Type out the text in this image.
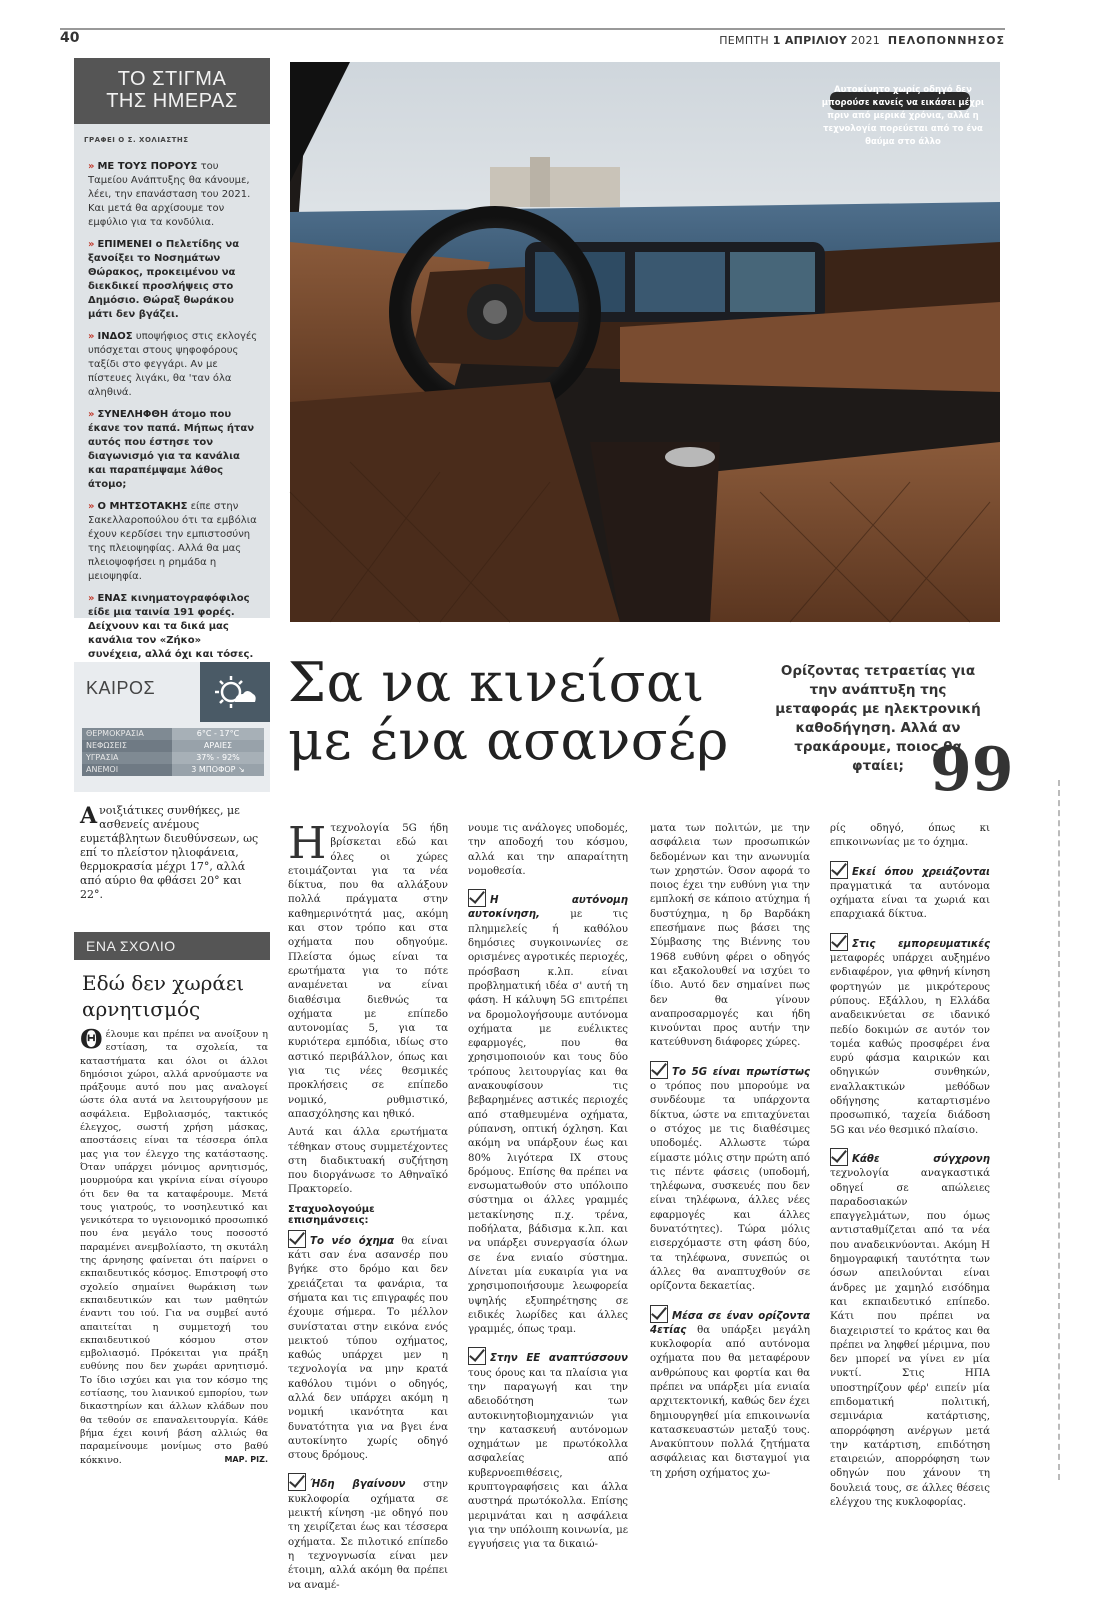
40	ΠΕΜΠΤΗ 1 ΑΠΡΙΛΙΟΥ 2021 ΠΕΛΟΠΟΝΝΗΣΟΣ
ΤΟ ΣΤΙΓΜΑ
ΤΗΣ ΗΜΕΡΑΣ
ΓΡΑΦΕΙ Ο Σ. ΧΟΛΙΑΣΤΗΣ
» ΜΕ ΤΟΥΣ ΠΟΡΟΥΣ του Ταμείου Ανάπτυξης θα κάνουμε, λέει, την επανάσταση του 2021. Και μετά θα αρχίσουμε τον εμφύλιο για τα κονδύλια.
» ΕΠΙΜΕΝΕΙ ο Πελετίδης να ξανοίξει το Νοσημάτων Θώρακος, προκειμένου να διεκδικεί προσλήψεις στο Δημόσιο. Θώραξ θωράκου μάτι δεν βγάζει.
» ΙΝΔΟΣ υποψήφιος στις εκλογές υπόσχεται στους ψηφοφόρους ταξίδι στο φεγγάρι. Αν με πίστευες λιγάκι, θα 'ταν όλα αληθινά.
» ΣΥΝΕΛΗΦΘΗ άτομο που έκανε τον παπά. Μήπως ήταν αυτός που έστησε τον διαγωνισμό για τα κανάλια και παραπέμψαμε λάθος άτομο;
» Ο ΜΗΤΣΟΤΑΚΗΣ είπε στην Σακελλαροπούλου ότι τα εμβόλια έχουν κερδίσει την εμπιστοσύνη της πλειοψηφίας. Αλλά θα μας πλειοψοφήσει η ρημάδα η μειοψηφία.
» ΕΝΑΣ κινηματογραφόφιλος είδε μια ταινία 191 φορές. Δείχνουν και τα δικά μας κανάλια τον «Ζήκο» συνέχεια, αλλά όχι και τόσες.
ΚΑΙΡΟΣ
ΘΕΡΜΟΚΡΑΣΙΑ	6°C - 17°C
ΝΕΦΩΣΕΙΣ	ΑΡΑΙΕΣ
ΥΓΡΑΣΙΑ	37% - 92%
ΑΝΕΜΟΙ	3 ΜΠΟΦΟΡ ↘
Ανοιξιάτικες συνθήκες, με ασθενείς ανέμους ευμετάβλητων διευθύνσεων, ως επί το πλείστον ηλιοφάνεια, θερμοκρασία μέχρι 17°, αλλά από αύριο θα φθάσει 20° και 22°.
ΕΝΑ ΣΧΟΛΙΟ
Εδώ δεν χωράει αρνητισμός
Θέλουμε και πρέπει να ανοίξουν η εστίαση, τα σχολεία, τα καταστήματα και όλοι οι άλλοι δημόσιοι χώροι, αλλά αρνούμαστε να πράξουμε αυτό που μας αναλογεί ώστε όλα αυτά να λειτουργήσουν με ασφάλεια. Εμβολιασμός, τακτικός έλεγχος, σωστή χρήση μάσκας, αποστάσεις είναι τα τέσσερα όπλα μας για τον έλεγχο της κατάστασης. Όταν υπάρχει μόνιμος αρνητισμός, μουρμούρα και γκρίνια είναι σίγουρο ότι δεν θα τα καταφέρουμε. Μετά τους γιατρούς, το νοσηλευτικό και γενικότερα το υγειονομικό προσωπικό που ένα μεγάλο τους ποσοστό παραμένει ανεμβολίαστο, τη σκυτάλη της άρνησης φαίνεται ότι παίρνει ο εκπαιδευτικός κόσμος. Επιστροφή στο σχολείο σημαίνει θωράκιση των εκπαιδευτικών και των μαθητών έναντι του ιού. Για να συμβεί αυτό απαιτείται η συμμετοχή του εκπαιδευτικού κόσμου στον εμβολιασμό. Πρόκειται για πράξη ευθύνης που δεν χωράει αρνητισμό. Το ίδιο ισχύει και για τον κόσμο της εστίασης, του λιανικού εμπορίου, των δικαστηρίων και άλλων κλάδων που θα τεθούν σε επαναλειτουργία. Κάθε βήμα έχει κοινή βάση αλλιώς θα παραμείνουμε μονίμως στο βαθύ κόκκινο.	ΜΑΡ. ΡΙΖ.
Αυτοκίνητο χωρίς οδηγό δεν μπορούσε κανείς να εικάσει μέχρι πριν από μερικά χρόνια, αλλά η τεχνολογία πορεύεται από το ένα θαύμα στο άλλο
Σα να κινείσαι
με ένα ασανσέρ
Ορίζοντας τετραετίας για την ανάπτυξη της μεταφοράς με ηλεκτρονική καθοδήγηση. Αλλά αν τρακάρουμε, ποιος θα φταίει; 99

Ητεχνολογία 5G ήδη βρίσκεται εδώ και όλες οι χώρες ετοιμάζονται για τα νέα δίκτυα, που θα αλλάξουν πολλά πράγματα στην καθημερινότητά μας, ακόμη και στον τρόπο και στα οχήματα που οδηγούμε. Πλείστα όμως είναι τα ερωτήματα για το πότε αναμένεται να είναι διαθέσιμα διεθνώς τα οχήματα με επίπεδο αυτονομίας 5, για τα κυριότερα εμπόδια, ιδίως στο αστικό περιβάλλον, όπως και για τις νέες θεσμικές προκλήσεις σε επίπεδο νομικό, ρυθμιστικό, απασχόλησης και ηθικό.

Αυτά και άλλα ερωτήματα τέθηκαν στους συμμετέχοντες στη διαδικτυακή συζήτηση που διοργάνωσε το Αθηναϊκό Πρακτορείο.

Σταχυολογούμε επισημάνσεις:

Το νέο όχημα θα είναι κάτι σαν ένα ασανσέρ που βγήκε στο δρόμο και δεν χρειάζεται τα φανάρια, τα σήματα και τις επιγραφές που έχουμε σήμερα. Το μέλλον συνίσταται στην εικόνα ενός μεικτού τύπου οχήματος, καθώς υπάρχει μεν η τεχνολογία να μην κρατά καθόλου τιμόνι ο οδηγός, αλλά δεν υπάρχει ακόμη η νομική ικανότητα και δυνατότητα για να βγει ένα αυτοκίνητο χωρίς οδηγό στους δρόμους.

Ήδη βγαίνουν στην κυκλοφορία οχήματα σε μεικτή κίνηση -με οδηγό που τη χειρίζεται έως και τέσσερα οχήματα. Σε πιλοτικό επίπεδο η τεχνογνωσία είναι μεν έτοιμη, αλλά ακόμη θα πρέπει να αναμέ-

νουμε τις ανάλογες υποδομές, την αποδοχή του κόσμου, αλλά και την απαραίτητη νομοθεσία.

Η αυτόνομη αυτοκίνηση, με τις πλημμελείς ή καθόλου δημόσιες συγκοινωνίες σε ορισμένες αγροτικές περιοχές, πρόσβαση κ.λπ. είναι προβληματική ιδέα σ' αυτή τη φάση. Η κάλυψη 5G επιτρέπει να δρομολογήσουμε αυτόνομα οχήματα με ευέλικτες εφαρμογές, που θα χρησιμοποιούν και τους δύο τρόπους λειτουργίας και θα ανακουφίσουν τις βεβαρημένες αστικές περιοχές από σταθμευμένα οχήματα, ρύπανση, οπτική όχληση. Και ακόμη να υπάρξουν έως και 80% λιγότερα IX στους δρόμους. Επίσης θα πρέπει να ενσωματωθούν στο υπόλοιπο σύστημα οι άλλες γραμμές μετακίνησης π.χ. τρένα, ποδήλατα, βάδισμα κ.λπ. και να υπάρξει συνεργασία όλων σε ένα ενιαίο σύστημα. Δίνεται μία ευκαιρία για να χρησιμοποιήσουμε λεωφορεία υψηλής εξυπηρέτησης σε ειδικές λωρίδες και άλλες γραμμές, όπως τραμ.

Στην ΕΕ αναπτύσσουν τους όρους και τα πλαίσια για την παραγωγή και την αδειοδότηση των αυτοκινητοβιομηχανιών για την κατασκευή αυτόνομων οχημάτων με πρωτόκολλα ασφαλείας από κυβερνοεπιθέσεις, κρυπτογραφήσεις και άλλα αυστηρά πρωτόκολλα. Επίσης μεριμνάται και η ασφάλεια για την υπόλοιπη κοινωνία, με εγγυήσεις για τα δικαιώ-

ματα των πολιτών, με την ασφάλεια των προσωπικών δεδομένων και την ανωνυμία των χρηστών. Όσον αφορά το ποιος έχει την ευθύνη για την εμπλοκή σε κάποιο ατύχημα ή δυστύχημα, η δρ Βαρδάκη επεσήμανε πως βάσει της Σύμβασης της Βιέννης του 1968 ευθύνη φέρει ο οδηγός και εξακολουθεί να ισχύει το ίδιο. Αυτό δεν σημαίνει πως δεν θα γίνουν αναπροσαρμογές και ήδη κινούνται προς αυτήν την κατεύθυνση διάφορες χώρες.

Το 5G είναι πρωτίστως ο τρόπος που μπορούμε να συνδέουμε τα υπάρχοντα δίκτυα, ώστε να επιταχύνεται ο στόχος με τις διαθέσιμες υποδομές. Αλλωστε τώρα είμαστε μόλις στην πρώτη από τις πέντε φάσεις (υποδομή, τηλέφωνα, συσκευές που δεν είναι τηλέφωνα, άλλες νέες εφαρμογές και άλλες δυνατότητες). Τώρα μόλις εισερχόμαστε στη φάση δύο, τα τηλέφωνα, συνεπώς οι άλλες θα αναπτυχθούν σε ορίζοντα δεκαετίας.

Μέσα σε έναν ορίζοντα 4ετίας θα υπάρξει μεγάλη κυκλοφορία από αυτόνομα οχήματα που θα μεταφέρουν ανθρώπους και φορτία και θα πρέπει να υπάρξει μία ενιαία αρχιτεκτονική, καθώς δεν έχει δημιουργηθεί μία επικοινωνία κατασκευαστών μεταξύ τους. Ανακύπτουν πολλά ζητήματα ασφάλειας και δισταγμοί για τη χρήση οχήματος χω-

ρίς οδηγό, όπως κι επικοινωνίας με το όχημα.

Εκεί όπου χρειάζονται πραγματικά τα αυτόνομα οχήματα είναι τα χωριά και επαρχιακά δίκτυα.

Στις εμπορευματικές μεταφορές υπάρχει αυξημένο ενδιαφέρον, για φθηνή κίνηση φορτηγών με μικρότερους ρύπους. Εξάλλου, η Ελλάδα αναδεικνύεται σε ιδανικό πεδίο δοκιμών σε αυτόν τον τομέα καθώς προσφέρει ένα ευρύ φάσμα καιρικών και οδηγικών συνθηκών, εναλλακτικών μεθόδων οδήγησης καταρτισμένο προσωπικό, ταχεία διάδοση 5G και νέο θεσμικό πλαίσιο.

Κάθε σύγχρονη τεχνολογία αναγκαστικά οδηγεί σε απώλειες παραδοσιακών επαγγελμάτων, που όμως αντισταθμίζεται από τα νέα που αναδεικνύονται. Ακόμη Η δημογραφική ταυτότητα των όσων απειλούνται είναι άνδρες με χαμηλό εισόδημα και εκπαιδευτικό επίπεδο. Κάτι που πρέπει να διαχειριστεί το κράτος και θα πρέπει να ληφθεί μέριμνα, που δεν μπορεί να γίνει εν μία νυκτί. Στις ΗΠΑ υποστηρίζουν φέρ' ειπείν μία επιδοματική πολιτική, σεμινάρια κατάρτισης, απορρόφηση ανέργων μετά την κατάρτιση, επιδότηση εταιρειών, απορρόφηση των οδηγών που χάνουν τη δουλειά τους, σε άλλες θέσεις ελέγχου της κυκλοφορίας.
